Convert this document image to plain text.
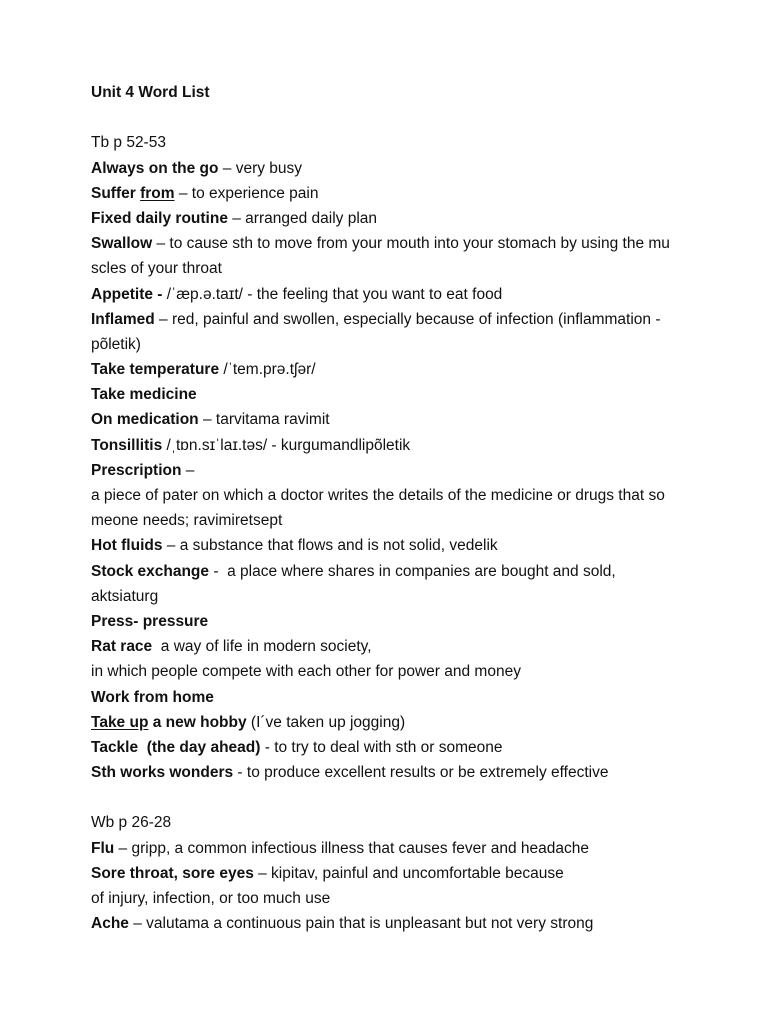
Unit 4 Word List
Tb p 52-53
Always on the go – very busy
Suffer from – to experience pain
Fixed daily routine – arranged daily plan
Swallow – to cause sth to move from your mouth into your stomach by using the mu
scles of your throat
Appetite - /ˈæp.ə.taɪt/ - the feeling that you want to eat food
Inflamed – red, painful and swollen, especially because of infection (inflammation -
põletik)
Take temperature /ˈtem.prə.tʃər/
Take medicine
On medication – tarvitama ravimit
Tonsillitis /ˌtɒn.sɪˈlaɪ.təs/ - kurgumandlipõletik
Prescription –
a piece of pater on which a doctor writes the details of the medicine or drugs that so
meone needs; ravimiretsept
Hot fluids – a substance that flows and is not solid, vedelik
Stock exchange -  a place where shares in companies are bought and sold,
aktsiaturg
Press- pressure
Rat race  a way of life in modern society,
in which people compete with each other for power and money
Work from home
Take up a new hobby (I´ve taken up jogging)
Tackle  (the day ahead) - to try to deal with sth or someone
Sth works wonders - to produce excellent results or be extremely effective
Wb p 26-28
Flu – gripp, a common infectious illness that causes fever and headache
Sore throat, sore eyes – kipitav, painful and uncomfortable because
of injury, infection, or too much use
Ache – valutama a continuous pain that is unpleasant but not very strong
